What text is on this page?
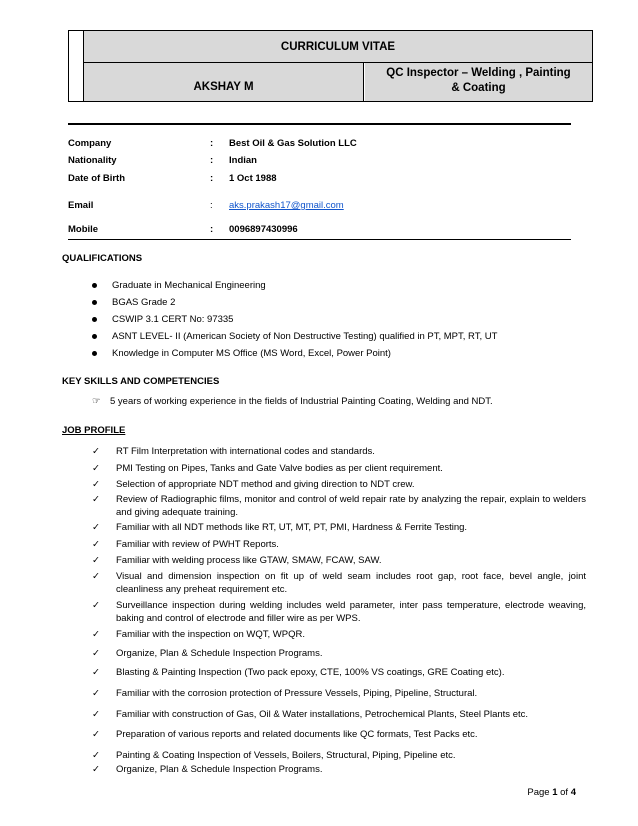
CURRICULUM VITAE
AKSHAY M
QC Inspector – Welding , Painting
& Coating
Company	: Best Oil & Gas Solution LLC
Nationality	: Indian
Date of Birth	: 1 Oct 1988
Email	: aks.prakash17@gmail.com
Mobile	: 0096897430996
QUALIFICATIONS
Graduate in Mechanical Engineering
BGAS Grade 2
CSWIP 3.1 CERT No: 97335
ASNT LEVEL- II (American Society of Non Destructive Testing) qualified in PT, MPT, RT, UT
Knowledge in Computer MS Office (MS Word, Excel, Power Point)
KEY SKILLS AND COMPETENCIES
☞ 5 years of working experience in the fields of Industrial Painting Coating, Welding and NDT.
JOB PROFILE
✓ RT Film Interpretation with international codes and standards.
✓ PMI Testing on Pipes, Tanks and Gate Valve bodies as per client requirement.
✓ Selection of appropriate NDT method and giving direction to NDT crew.
✓ Review of Radiographic films, monitor and control of weld repair rate by analyzing the repair, explain to welders and giving adequate training.
✓ Familiar with all NDT methods like RT, UT, MT, PT, PMI, Hardness & Ferrite Testing.
✓ Familiar with review of PWHT Reports.
✓ Familiar with welding process like GTAW, SMAW, FCAW, SAW.
✓ Visual and dimension inspection on fit up of weld seam includes root gap, root face, bevel angle, joint cleanliness any preheat requirement etc.
✓ Surveillance inspection during welding includes weld parameter, inter pass temperature, electrode weaving, baking and control of electrode and filler wire as per WPS.
✓ Familiar with the inspection on WQT, WPQR.
✓ Organize, Plan & Schedule Inspection Programs.
✓ Blasting & Painting Inspection (Two pack epoxy, CTE, 100% VS coatings, GRE Coating etc).
✓ Familiar with the corrosion protection of Pressure Vessels, Piping, Pipeline, Structural.
✓ Familiar with construction of Gas, Oil & Water installations, Petrochemical Plants, Steel Plants etc.
✓ Preparation of various reports and related documents like QC formats, Test Packs etc.
✓ Painting & Coating Inspection of Vessels, Boilers, Structural, Piping, Pipeline etc.
✓ Organize, Plan & Schedule Inspection Programs.
Page 1 of 4
